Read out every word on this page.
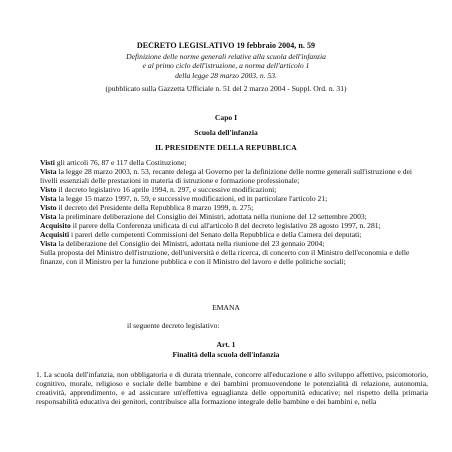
DECRETO LEGISLATIVO 19 febbraio 2004, n. 59
Definizione delle norme generali relative alla scuola dell'infanzia
e al primo ciclo dell'istruzione, a norma dell'articolo 1
della legge 28 marzo 2003, n. 53.
(pubblicato sulla Gazzetta Ufficiale n. 51 del 2 marzo 2004 - Suppl. Ord. n. 31)
Capo I
Scuola dell'infanzia
IL PRESIDENTE DELLA REPUBBLICA

Visti gli articoli 76, 87 e 117 della Costituzione;

Vista la legge 28 marzo 2003, n. 53, recante delega al Governo per la definizione delle norme generali sull'istruzione e dei livelli essenziali delle prestazioni in materia di istruzione e formazione professionale;

Visto il decreto legislativo 16 aprile 1994, n. 297, e successive modificazioni;

Vista la legge 15 marzo 1997, n. 59, e successive modificazioni, ed in particolare l'articolo 21;

Visto il decreto del Presidente della Repubblica 8 marzo 1999, n. 275;

Vista la preliminare deliberazione del Consiglio dei Ministri, adottata nella riunione del 12 settembre 2003;

Acquisito il parere della Conferenza unificata di cui all'articolo 8 del decreto legislativo 28 agosto 1997, n. 281;

Acquisiti i pareri delle competenti Commissioni del Senato della Repubblica e della Camera dei deputati;

Vista la deliberazione del Consiglio dei Ministri, adottata nella riunione del 23 gennaio 2004;

Sulla proposta del Ministro dell'istruzione, dell'università e della ricerca, di concerto con il Ministro dell'economia e delle finanze, con il Ministro per la funzione pubblica e con il Ministro del lavoro e delle politiche sociali;

EMANA
il seguente decreto legislativo:
Art. 1
Finalità della scuola dell'infanzia

1. La scuola dell'infanzia, non obbligatoria e di durata triennale, concorre all'educazione e allo sviluppo affettivo, psicomotorio, cognitivo, morale, religioso e sociale delle bambine e dei bambini promuovendone le potenzialità di relazione, autonomia, creatività, apprendimento, e ad assicurare un'effettiva eguaglianza delle opportunità educative; nel rispetto della primaria responsabilità educativa dei genitori, contribuisce alla formazione integrale delle bambine e dei bambini e, nella
